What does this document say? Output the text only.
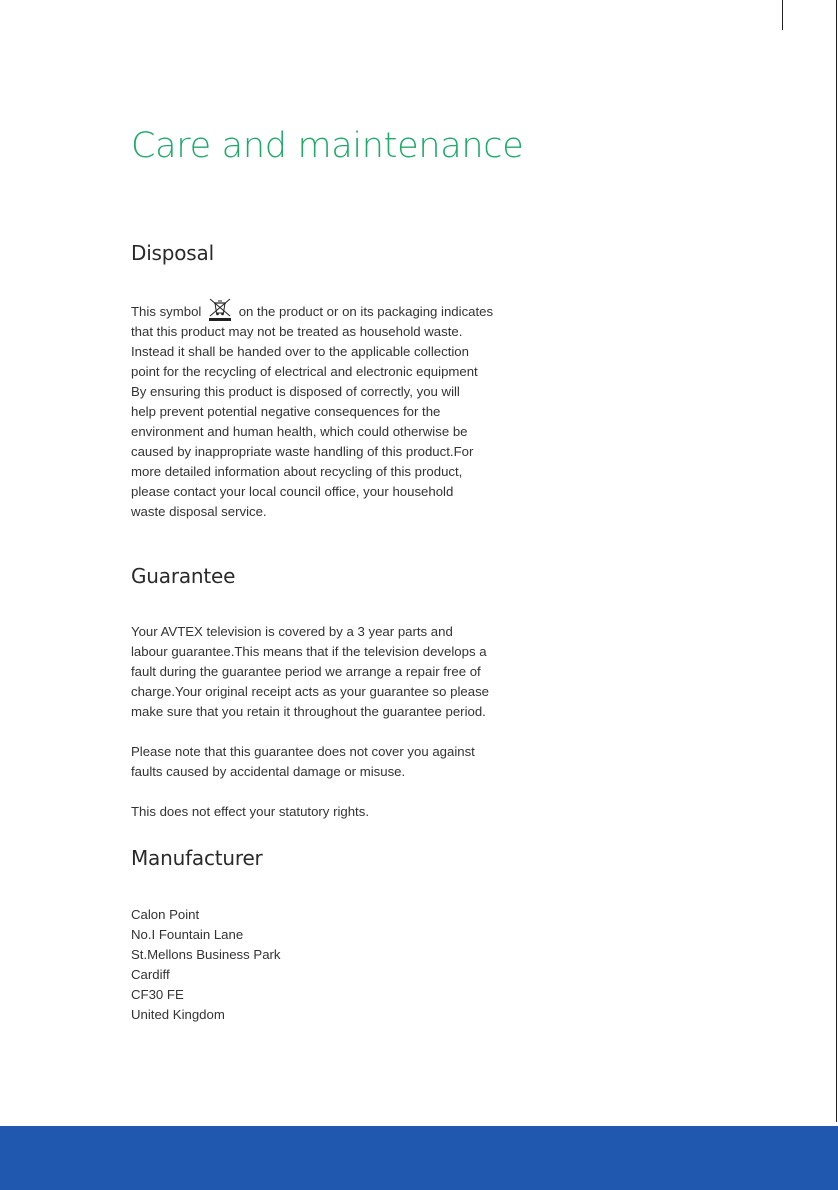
Care and maintenance
Disposal
This symbol	on the product or on its packaging indicates
that this product may not be treated as household waste.
Instead it shall be handed over to the applicable collection
point for the recycling of electrical and electronic equipment
By ensuring this product is disposed of correctly, you will
help prevent potential negative consequences for the
environment and human health, which could otherwise be
caused by inappropriate waste handling of this product.For
more detailed information about recycling of this product,
please contact your local council office, your household
waste disposal service.
Guarantee
Your AVTEX television is covered by a 3 year parts and
labour guarantee.This means that if the television develops a
fault during the guarantee period we arrange a repair free of
charge.Your original receipt acts as your guarantee so please
make sure that you retain it throughout the guarantee period.
Please note that this guarantee does not cover you against
faults caused by accidental damage or misuse.
This does not effect your statutory rights.
Manufacturer
Calon Point
No.I Fountain Lane
St.Mellons Business Park
Cardiff
CF30 FE
United Kingdom
